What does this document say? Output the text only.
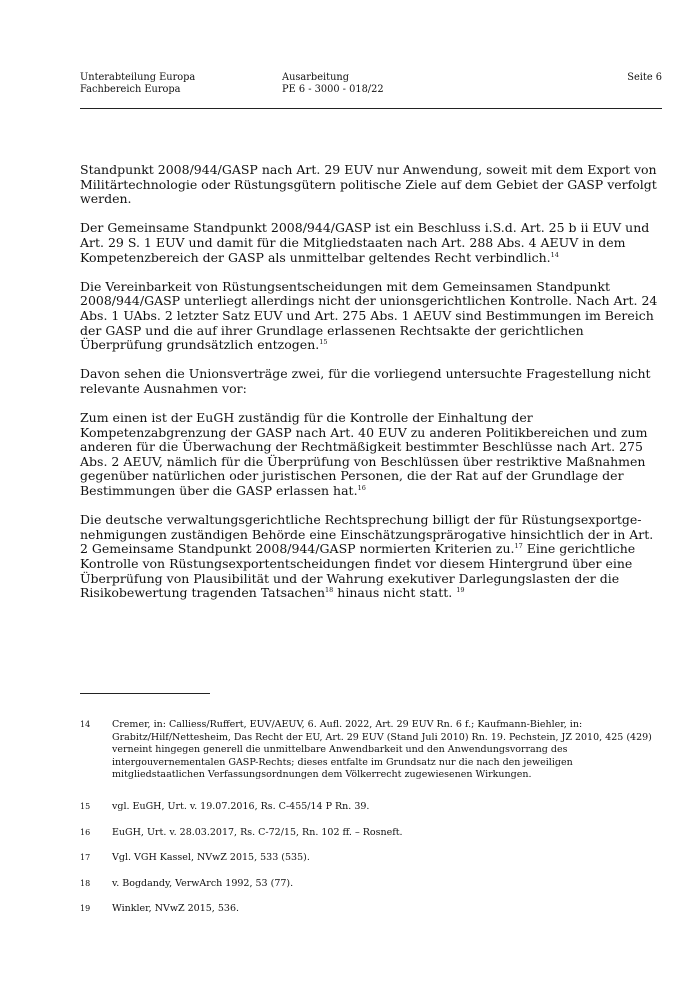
Unterabteilung Europa
Fachbereich Europa
Ausarbeitung
PE 6 - 3000 - 018/22
Seite 6

Standpunkt 2008/944/GASP nach Art. 29 EUV nur Anwendung, soweit mit dem Export von Militärtechnologie oder Rüstungsgütern politische Ziele auf dem Gebiet der GASP verfolgt werden.

Der Gemeinsame Standpunkt 2008/944/GASP ist ein Beschluss i.S.d. Art. 25 b ii EUV und Art. 29 S. 1 EUV und damit für die Mitgliedstaaten nach Art. 288 Abs. 4 AEUV in dem Kompetenzbereich der GASP als unmittelbar geltendes Recht verbindlich.$^{14}$

Die Vereinbarkeit von Rüstungsentscheidungen mit dem Gemeinsamen Standpunkt 2008/944/GASP unterliegt allerdings nicht der unionsgerichtlichen Kontrolle. Nach Art. 24 Abs. 1 UAbs. 2 letzter Satz EUV und Art. 275 Abs. 1 AEUV sind Bestimmungen im Bereich der GASP und die auf ihrer Grundlage erlassenen Rechtsakte der gerichtlichen Überprüfung grundsätzlich entzogen.$^{15}$

Davon sehen die Unionsverträge zwei, für die vorliegend untersuchte Fragestellung nicht relevante Ausnahmen vor:

Zum einen ist der EuGH zuständig für die Kontrolle der Einhaltung der Kompetenzabgrenzung der GASP nach Art. 40 EUV zu anderen Politikbereichen und zum anderen für die Überwachung der Rechtmäßigkeit bestimmter Beschlüsse nach Art. 275 Abs. 2 AEUV, nämlich für die Überprüfung von Beschlüssen über restriktive Maßnahmen gegenüber natürlichen oder juristischen Personen, die der Rat auf der Grundlage der Bestimmungen über die GASP erlassen hat.$^{16}$

Die deutsche verwaltungsgerichtliche Rechtsprechung billigt der für Rüstungsexportgenehmigungen zuständigen Behörde eine Einschätzungsprärogative hinsichtlich der in Art. 2 Gemeinsame Standpunkt 2008/944/GASP normierten Kriterien zu.$^{17}$ Eine gerichtliche Kontrolle von Rüstungsexportentscheidungen findet vor diesem Hintergrund über eine Überprüfung von Plausibilität und der Wahrung exekutiver Darlegungslasten der die Risikobewertung tragenden Tatsachen$^{18}$ hinaus nicht statt. $^{19}$

14 Cremer, in: Calliess/Ruffert, EUV/AEUV, 6. Aufl. 2022, Art. 29 EUV Rn. 6 f.; Kaufmann-Biehler, in: Grabitz/Hilf/Nettesheim, Das Recht der EU, Art. 29 EUV (Stand Juli 2010) Rn. 19. Pechstein, JZ 2010, 425 (429) verneint hingegen generell die unmittelbare Anwendbarkeit und den Anwendungsvorrang des intergouvernementalen GASP-Rechts; dieses entfalte im Grundsatz nur die nach den jeweiligen mitgliedstaatlichen Verfassungsordnungen dem Völkerrecht zugewiesenen Wirkungen.
15 vgl. EuGH, Urt. v. 19.07.2016, Rs. C-455/14 P Rn. 39.
16 EuGH, Urt. v. 28.03.2017, Rs. C-72/15, Rn. 102 ff. – Rosneft.
17 Vgl. VGH Kassel, NVwZ 2015, 533 (535).
18 v. Bogdandy, VerwArch 1992, 53 (77).
19 Winkler, NVwZ 2015, 536.
